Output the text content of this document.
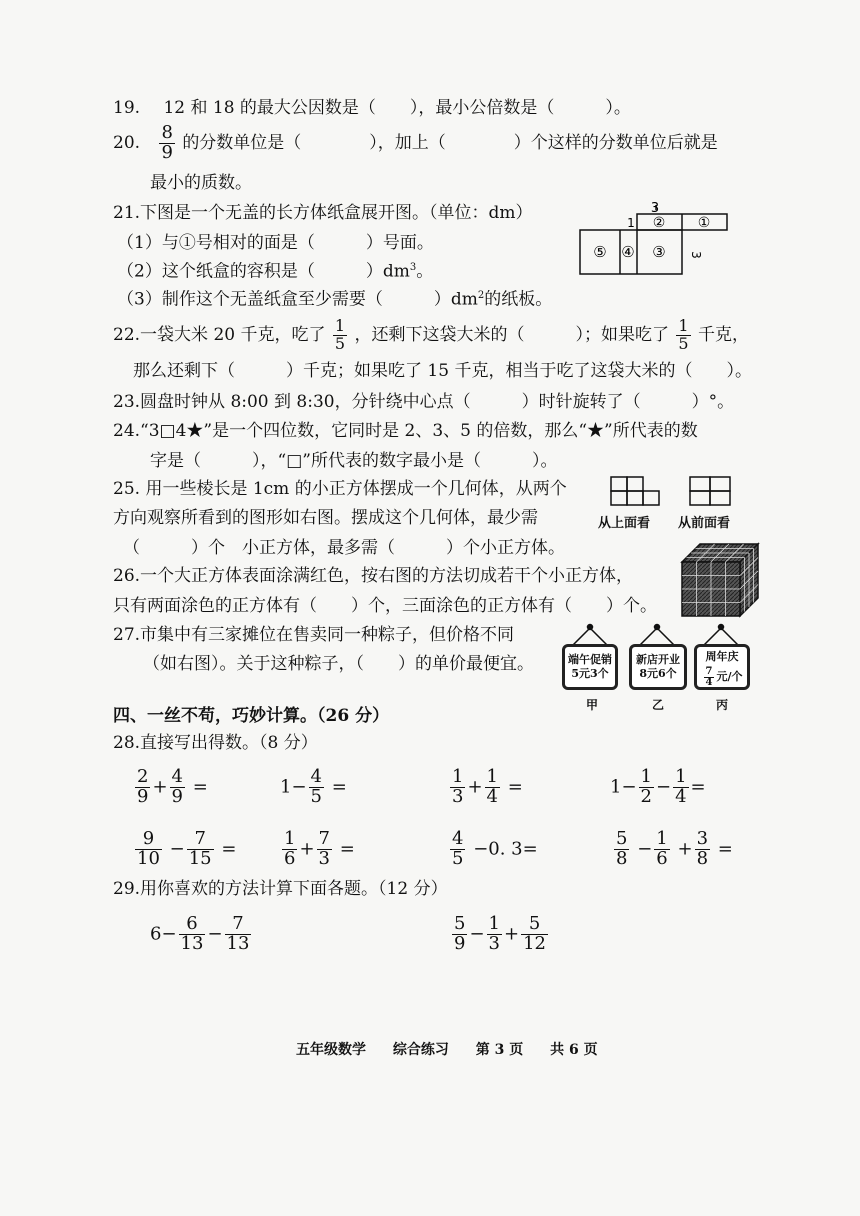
19. 12 和 18 的最大公因数是（　　），最小公倍数是（　　　）。
20. $\frac{8}{9}$ 的分数单位是（　　　　），加上（　　　　）个这样的分数单位后就是
最小的质数。
21.下图是一个无盖的长方体纸盒展开图。（单位：dm）
（1）与①号相对的面是（　　　）号面。
（2）这个纸盒的容积是（　　　）$dm^3$。
（3）制作这个无盖纸盒至少需要（　　　）$dm^2$的纸板。
3
1 ② ①
⑤ ④ ③ 3
22.一袋大米 20 千克，吃了 $\frac{1}{5}$ ，还剩下这袋大米的（　　　）；如果吃了 $\frac{1}{5}$ 千克，
那么还剩下（　　　）千克；如果吃了 15 千克，相当于吃了这袋大米的（　　）。
23.圆盘时钟从 8:00 到 8:30，分针绕中心点（　　　）时针旋转了（　　　）°。
24.“3□4★”是一个四位数，它同时是 2、3、5 的倍数，那么“★”所代表的数
字是（　　　），“□”所代表的数字最小是（　　　）。
25. 用一些棱长是 1cm 的小正方体摆成一个几何体，从两个
方向观察所看到的图形如右图。摆成这个几何体，最少需
（　　　）个　小正方体，最多需（　　　）个小正方体。
从上面看 从前面看
26.一个大正方体表面涂满红色，按右图的方法切成若干个小正方体，
只有两面涂色的正方体有（　　）个，三面涂色的正方体有（　　）个。
27.市集中有三家摊位在售卖同一种粽子，但价格不同
（如右图）。关于这种粽子，（　　）的单价最便宜。	端午促销
5元3个
新店开业
8元6个
周年庆
$\frac{7}{4}$ 元/个
甲	乙	丙
四、一丝不苟，巧妙计算。（26 分）
28.直接写出得数。（8 分）
$\frac{2}{9} + \frac{4}{9}$ =	$1- \frac{4}{5}$ =	$\frac{1}{3} + \frac{1}{4}$ =	$1- \frac{1}{2} - \frac{1}{4}$ =
$\frac{9}{10} - \frac{7}{15}$ =	$\frac{1}{6} + \frac{7}{3}$ =	$\frac{4}{5} -0$. 3=	$\frac{5}{8} - \frac{1}{6} + \frac{3}{8}$ =
29.用你喜欢的方法计算下面各题。（12 分）
$6- \frac{6}{13} - \frac{7}{13}$	$\frac{5}{9} - \frac{1}{3} + \frac{5}{12}$
五年级数学 综合练习 第 3 页 共 6 页
